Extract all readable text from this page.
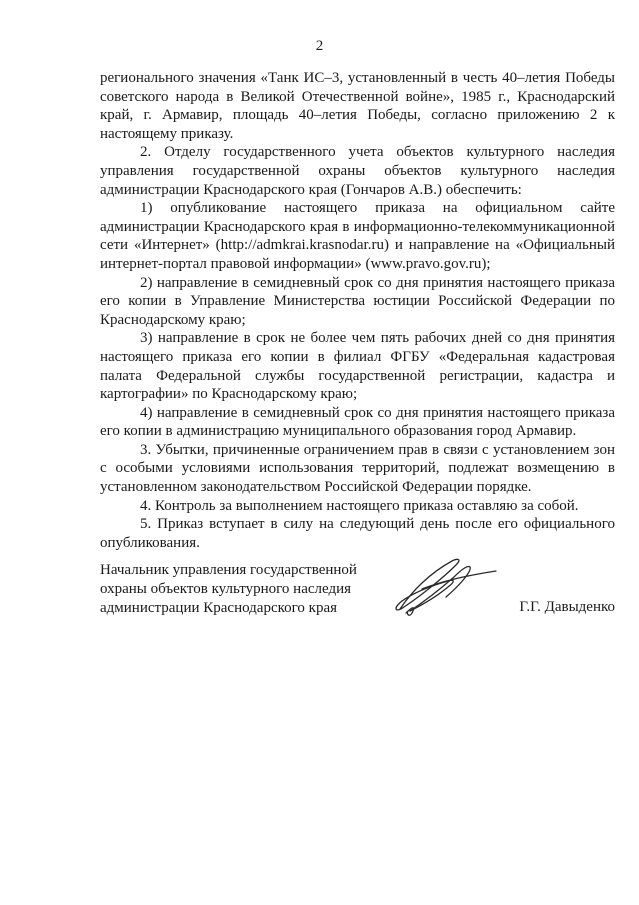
2

регионального значения «Танк ИС–3, установленный в честь 40–летия Победы советского народа в Великой Отечественной войне», 1985 г., Краснодарский край, г. Армавир, площадь 40–летия Победы, согласно приложению 2 к настоящему приказу.

2. Отделу государственного учета объектов культурного наследия управления государственной охраны объектов культурного наследия администрации Краснодарского края (Гончаров А.В.) обеспечить:

1) опубликование настоящего приказа на официальном сайте администрации Краснодарского края в информационно-телекоммуникационной сети «Интернет» (http://admkrai.krasnodar.ru) и направление на «Официальный интернет-портал правовой информации» (www.pravo.gov.ru);

2) направление в семидневный срок со дня принятия настоящего приказа его копии в Управление Министерства юстиции Российской Федерации по Краснодарскому краю;

3) направление в срок не более чем пять рабочих дней со дня принятия настоящего приказа его копии в филиал ФГБУ «Федеральная кадастровая палата Федеральной службы государственной регистрации, кадастра и картографии» по Краснодарскому краю;

4) направление в семидневный срок со дня принятия настоящего приказа его копии в администрацию муниципального образования город Армавир.

3. Убытки, причиненные ограничением прав в связи с установлением зон с особыми условиями использования территорий, подлежат возмещению в установленном законодательством Российской Федерации порядке.

4. Контроль за выполнением настоящего приказа оставляю за собой.

5. Приказ вступает в силу на следующий день после его официального опубликования.

Начальник управления государственной
охраны объектов культурного наследия
администрации Краснодарского края	Г.Г. Давыденко
